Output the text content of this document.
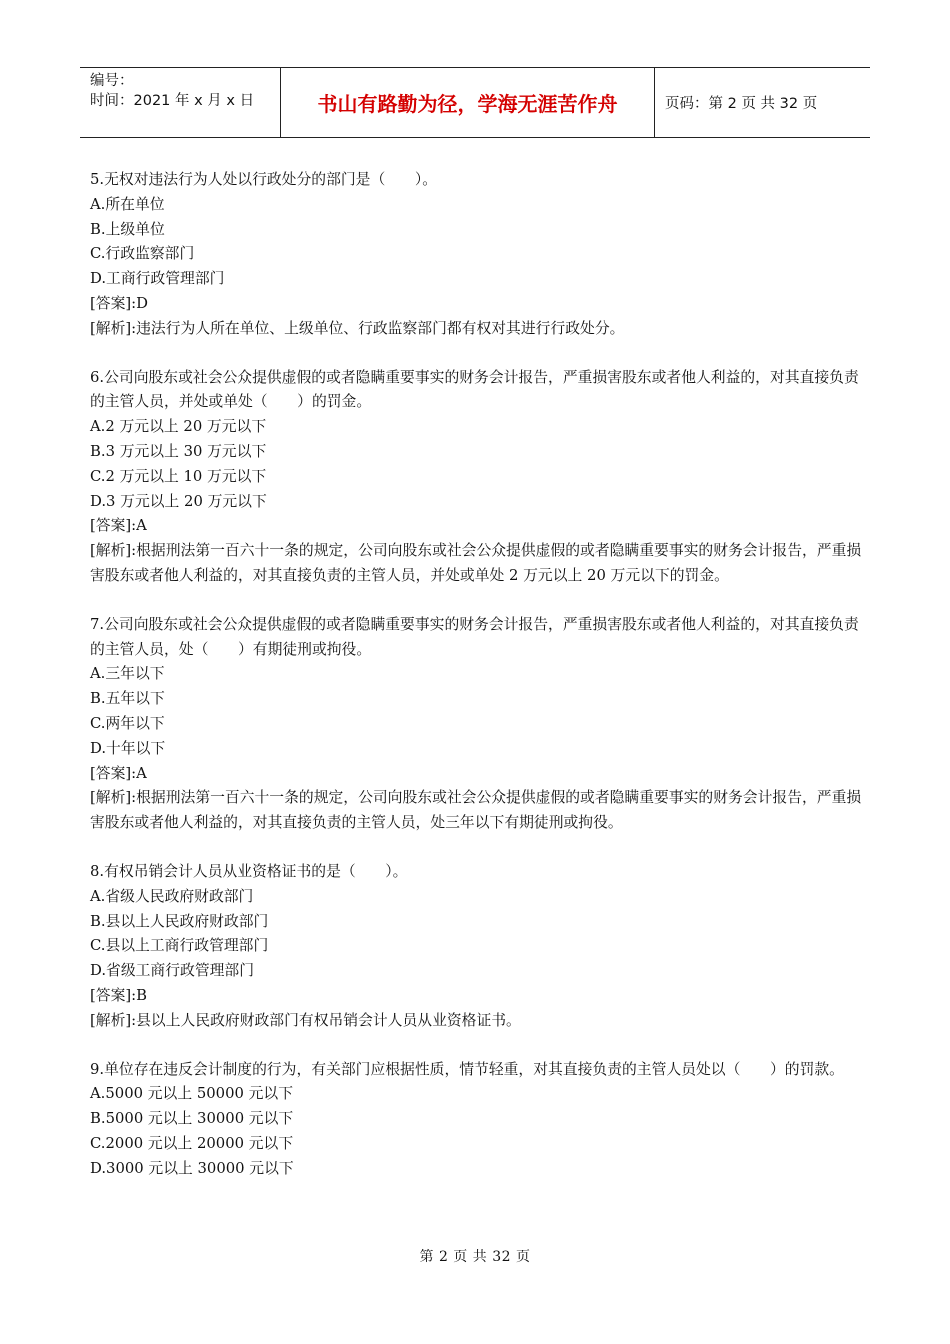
编号：
时间：2021 年 x 月 x 日	书山有路勤为径，学海无涯苦作舟	页码：第 2 页 共 32 页

5.无权对违法行为人处以行政处分的部门是（　　）。

A.所在单位

B.上级单位

C.行政监察部门

D.工商行政管理部门

[答案]:D

[解析]:违法行为人所在单位、上级单位、行政监察部门都有权对其进行行政处分。

6.公司向股东或社会公众提供虚假的或者隐瞒重要事实的财务会计报告，严重损害股东或者他人利益的，对其直接负责的主管人员，并处或单处（　　）的罚金。

A.2 万元以上 20 万元以下

B.3 万元以上 30 万元以下

C.2 万元以上 10 万元以下

D.3 万元以上 20 万元以下

[答案]:A

[解析]:根据刑法第一百六十一条的规定，公司向股东或社会公众提供虚假的或者隐瞒重要事实的财务会计报告，严重损害股东或者他人利益的，对其直接负责的主管人员，并处或单处 2 万元以上 20 万元以下的罚金。

7.公司向股东或社会公众提供虚假的或者隐瞒重要事实的财务会计报告，严重损害股东或者他人利益的，对其直接负责的主管人员，处（　　）有期徒刑或拘役。

A.三年以下

B.五年以下

C.两年以下

D.十年以下

[答案]:A

[解析]:根据刑法第一百六十一条的规定，公司向股东或社会公众提供虚假的或者隐瞒重要事实的财务会计报告，严重损害股东或者他人利益的，对其直接负责的主管人员，处三年以下有期徒刑或拘役。

8.有权吊销会计人员从业资格证书的是（　　）。

A.省级人民政府财政部门

B.县以上人民政府财政部门

C.县以上工商行政管理部门

D.省级工商行政管理部门

[答案]:B

[解析]:县以上人民政府财政部门有权吊销会计人员从业资格证书。

9.单位存在违反会计制度的行为，有关部门应根据性质，情节轻重，对其直接负责的主管人员处以（　　）的罚款。

A.5000 元以上 50000 元以下

B.5000 元以上 30000 元以下

C.2000 元以上 20000 元以下

D.3000 元以上 30000 元以下

第 2 页 共 32 页
